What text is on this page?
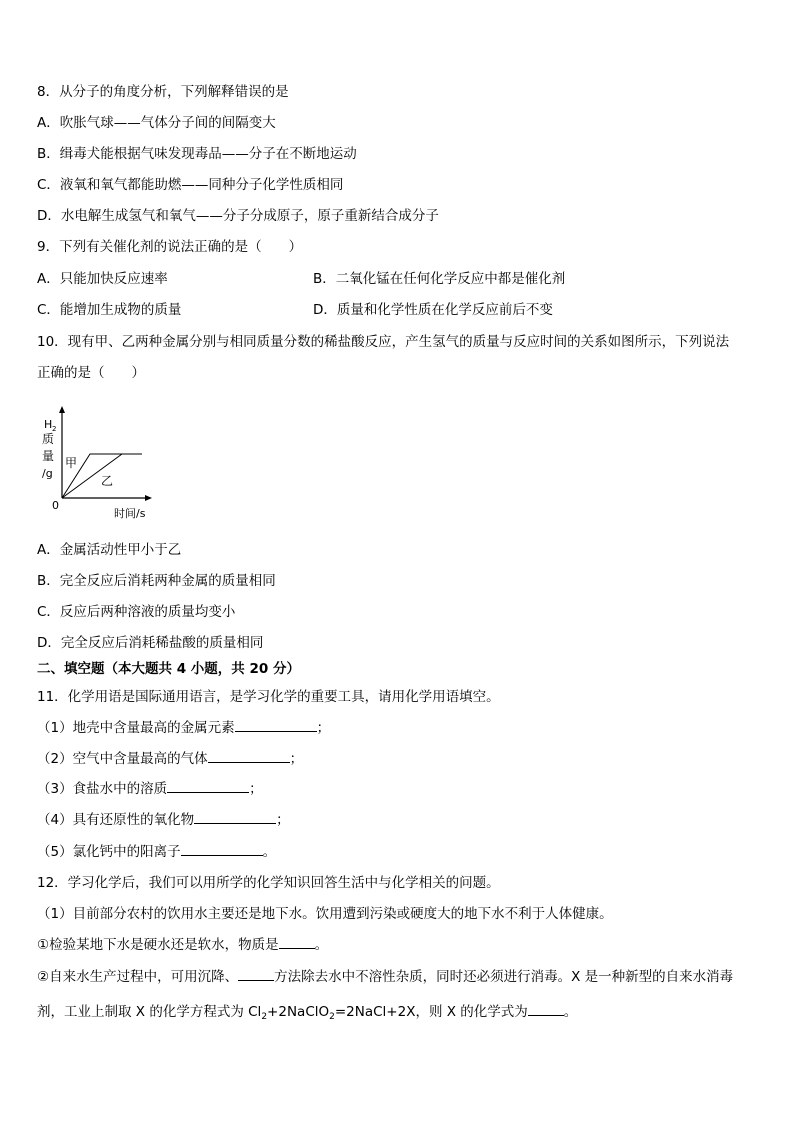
8．从分子的角度分析，下列解释错误的是
A．吹胀气球——气体分子间的间隔变大
B．缉毒犬能根据气味发现毒品——分子在不断地运动
C．液氧和氧气都能助燃——同种分子化学性质相同
D．水电解生成氢气和氧气——分子分成原子，原子重新结合成分子
9．下列有关催化剂的说法正确的是（　　）
A．只能加快反应速率	B．二氧化锰在任何化学反应中都是催化剂
C．能增加生成物的质量	D．质量和化学性质在化学反应前后不变
10．现有甲、乙两种金属分别与相同质量分数的稀盐酸反应，产生氢气的质量与反应时间的关系如图所示，下列说法
正确的是（　　）
H 2
质
量
/g
0
时间/s
甲
乙
A．金属活动性甲小于乙
B．完全反应后消耗两种金属的质量相同
C．反应后两种溶液的质量均变小
D．完全反应后消耗稀盐酸的质量相同
二、填空题（本大题共 4 小题，共 20 分）
11．化学用语是国际通用语言，是学习化学的重要工具，请用化学用语填空。
（1）地壳中含量最高的金属元素	；
（2）空气中含量最高的气体	；
（3）食盐水中的溶质	；
（4）具有还原性的氧化物	；
（5）氯化钙中的阳离子	。
12．学习化学后，我们可以用所学的化学知识回答生活中与化学相关的问题。
（1）目前部分农村的饮用水主要还是地下水。饮用遭到污染或硬度大的地下水不利于人体健康。
①检验某地下水是硬水还是软水，物质是	。
②自来水生产过程中，可用沉降、	方法除去水中不溶性杂质，同时还必须进行消毒。X 是一种新型的自来水消毒
剂，工业上制取 X 的化学方程式为 $Cl_2+2NaClO_2=2NaCl+2X$，则 X 的化学式为	。
